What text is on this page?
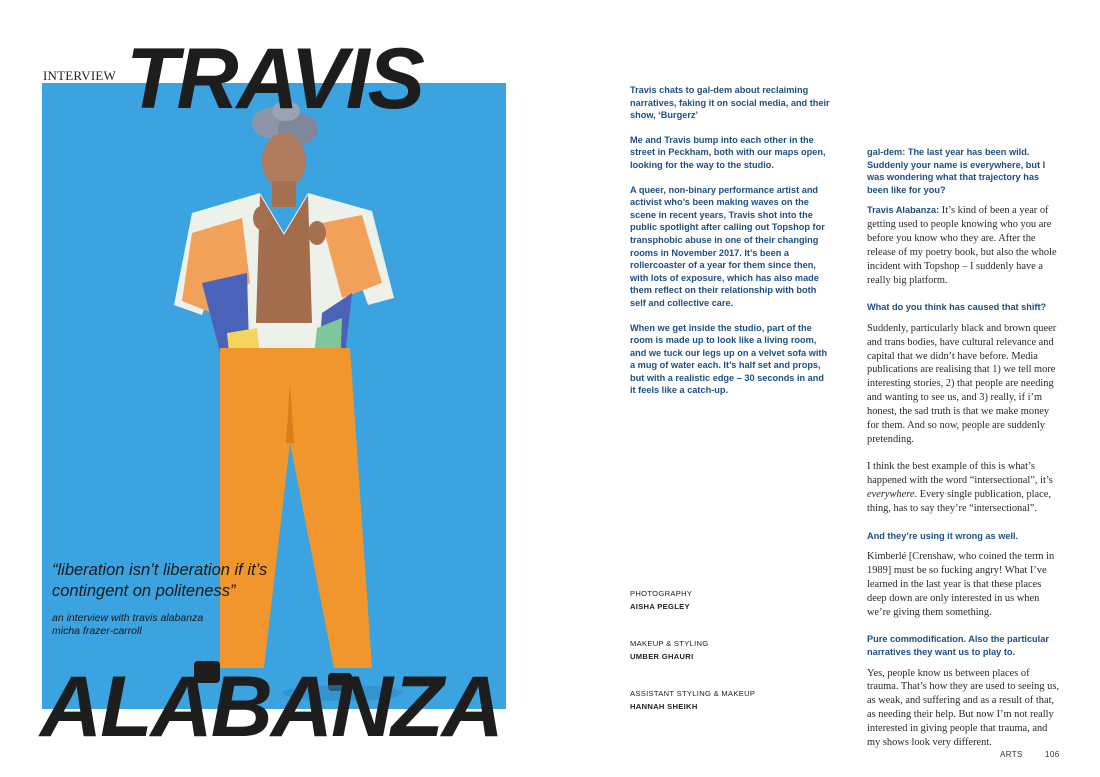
INTERVIEW TRAVIS
ALABANZA
“liberation isn’t liberation if it’s contingent on politeness”
an interview with travis alabanza
micha frazer-carroll

Travis chats to gal-dem about reclaiming narratives, faking it on social media, and their show, ‘Burgerz’

Me and Travis bump into each other in the street in Peckham, both with our maps open, looking for the way to the studio.

A queer, non-binary performance artist and activist who’s been making waves on the scene in recent years, Travis shot into the public spotlight after calling out Topshop for transphobic abuse in one of their changing rooms in November 2017. It’s been a rollercoaster of a year for them since then, with lots of exposure, which has also made them reflect on their relationship with both self and collective care.

When we get inside the studio, part of the room is made up to look like a living room, and we tuck our legs up on a velvet sofa with a mug of water each. It’s half set and props, but with a realistic edge – 30 seconds in and it feels like a catch-up.

PHOTOGRAPHY
AISHA PEGLEY
MAKEUP & STYLING
UMBER GHAURI
ASSISTANT STYLING & MAKEUP
HANNAH SHEIKH

gal-dem: The last year has been wild. Suddenly your name is everywhere, but I was wondering what that trajectory has been like for you?

Travis Alabanza: It’s kind of been a year of getting used to people knowing who you are before you know who they are. After the release of my poetry book, but also the whole incident with Topshop – I suddenly have a really big platform.

What do you think has caused that shift?

Suddenly, particularly black and brown queer and trans bodies, have cultural relevance and capital that we didn’t have before. Media publications are realising that 1) we tell more interesting stories, 2) that people are needing and wanting to see us, and 3) really, if i’m honest, the sad truth is that we make money for them. And so now, people are suddenly pretending.

I think the best example of this is what’s happened with the word “intersectional”, it’s everywhere. Every single publication, place, thing, has to say they’re “intersectional”.

And they’re using it wrong as well.

Kimberlé [Crenshaw, who coined the term in 1989] must be so fucking angry! What I’ve learned in the last year is that these places deep down are only interested in us when we’re giving them something.

Pure commodification. Also the particular narratives they want us to play to.

Yes, people know us between places of trauma. That’s how they are used to seeing us, as weak, and suffering and as a result of that, as needing their help. But now I’m not really interested in giving people that trauma, and my shows look very different.

ARTS	106
